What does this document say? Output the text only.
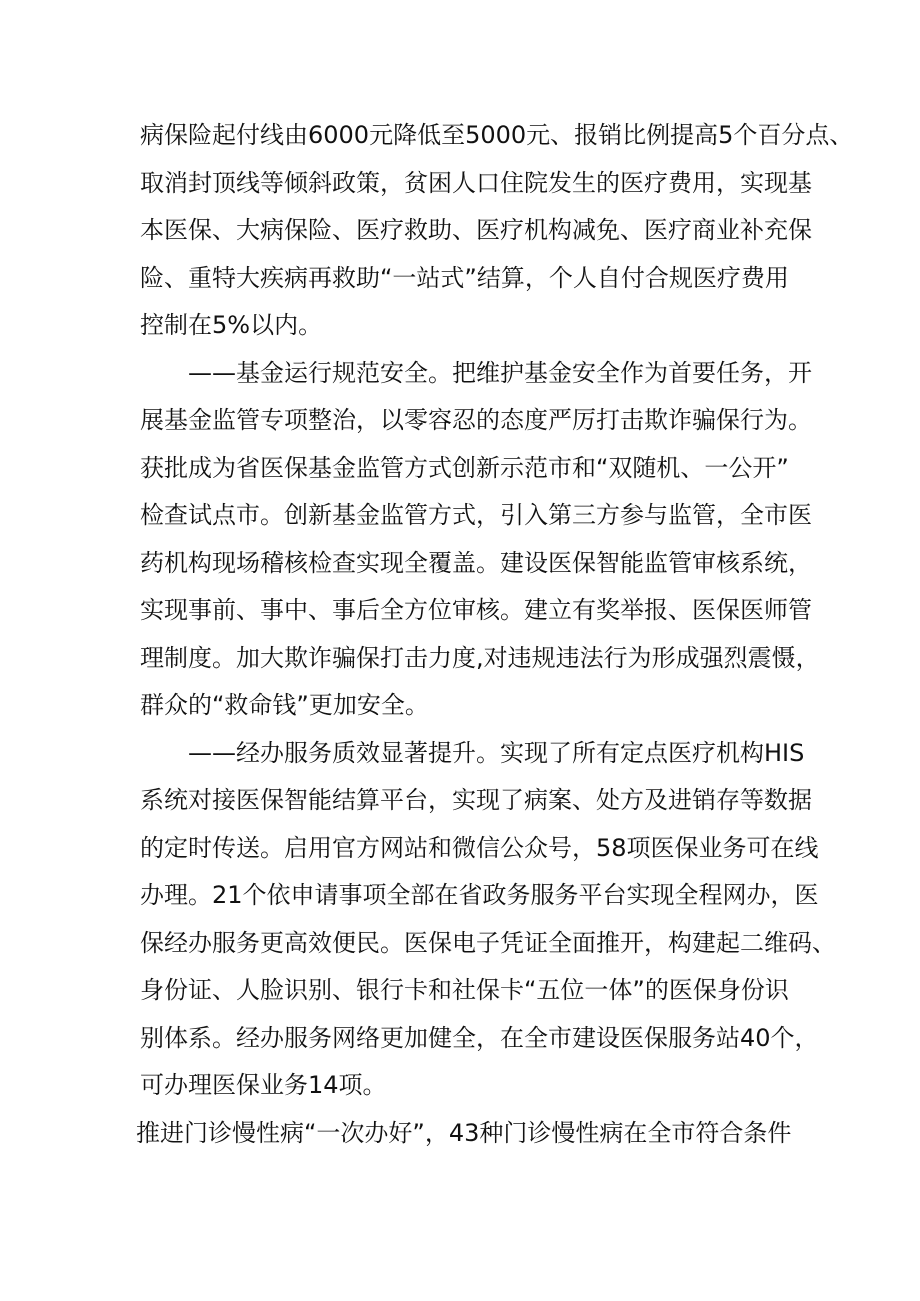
病保险起付线由6000元降低至5000元、报销比例提高5个百分点、
取消封顶线等倾斜政策，贫困人口住院发生的医疗费用，实现基
本医保、大病保险、医疗救助、医疗机构减免、医疗商业补充保
险、重特大疾病再救助“一站式”结算，个人自付合规医疗费用
控制在5%以内。
——基金运行规范安全。把维护基金安全作为首要任务，开
展基金监管专项整治，以零容忍的态度严厉打击欺诈骗保行为。
获批成为省医保基金监管方式创新示范市和“双随机、一公开”
检查试点市。创新基金监管方式，引入第三方参与监管，全市医
药机构现场稽核检查实现全覆盖。建设医保智能监管审核系统，
实现事前、事中、事后全方位审核。建立有奖举报、医保医师管
理制度。加大欺诈骗保打击力度,对违规违法行为形成强烈震慑，
群众的“救命钱”更加安全。
——经办服务质效显著提升。实现了所有定点医疗机构HIS
系统对接医保智能结算平台，实现了病案、处方及进销存等数据
的定时传送。启用官方网站和微信公众号，58项医保业务可在线
办理。21个依申请事项全部在省政务服务平台实现全程网办，医
保经办服务更高效便民。医保电子凭证全面推开，构建起二维码、
身份证、人脸识别、银行卡和社保卡“五位一体”的医保身份识
别体系。经办服务网络更加健全，在全市建设医保服务站40个，
可办理医保业务14项。
推进门诊慢性病“一次办好”，43种门诊慢性病在全市符合条件
